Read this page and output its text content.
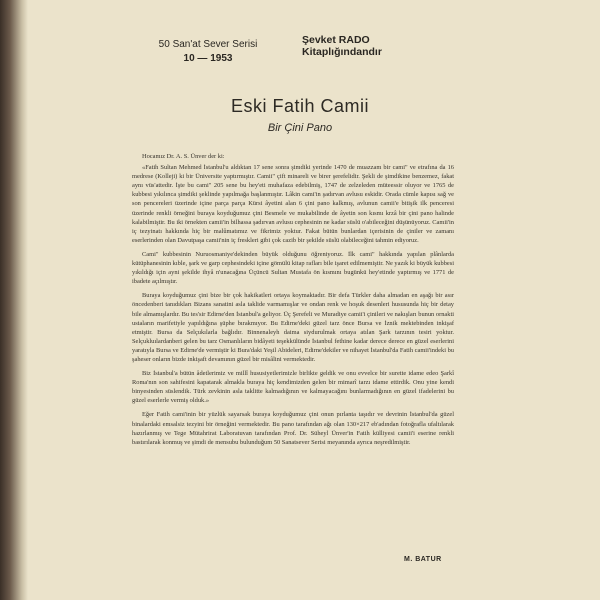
50 San'at Sever Serisi
10 — 1953
Şevket RADO
Kitaplığındandır
Eski Fatih Camii
Bir Çini Pano

Hocamız Dr. A. S. Ünver der ki:

«Fatih Sultan Mehmed İstanbul'u aldıktan 17 sene sonra şimdiki yerinde 1470 de muazzam bir cami" ve etrafına da 16 medrese (Kolleji) ki bir Üniversite yaptırmıştır. Camii" çift minareli ve birer şerefelidir. Şekli de şimdikine benzemez, fakat aynı vüs'attedir. İşte bu cami" 205 sene bu hey'eti muhafaza edebilmiş, 1747 de zelzeleden müteessir oluyor ve 1765 de kubbesi yıkılınca şimdiki şeklinde yapılmağa başlanmıştır. Lâkin cami'in şadırvan avlusu eskidir. Orada cümle kapısı sağ ve son pencereleri üzerinde içine parça parça Kürsi âyetini alan 6 çini pano kalkmış, avlunun camii'e bitişik ilk penceresi üzerinde renkli örneğini buraya koyduğumuz çini Besmele ve mukabilinde de âyetin son kısmı krzâ bir çini pano halinde kalabilmiştir. Bu iki örnekten camii'in bilhassa şadırvan avlusu cephesinin ne kadar süslü o'abileceğini düşünüyoruz. Camii'in iç tezyinatı hakkında hiç bir malûmatımız ve fikrimiz yoktur. Fakat bütün bunlardan içerisinin de çiniler ve zamanı eserlerinden olan Davutpaşa camii'nin iç freskleri gibi çok cazib bir şekilde süslü olabileceğini tahmin ediyoruz.

Cami" kubbesinin Nuruosmaniye'dekinden büyük olduğunu öğreniyoruz. İlk cami" hakkında yapılan plânlarda kütüphanesinin kıble, şark ve garp cephesindeki içine gömülü kitap rafları bile işaret edilmemiştir. Ne yazık ki büyük kubbesi yıkıldığı için ayni şekilde ihyâ n'unacağına Üçüncü Sultan Mustafa ön kısmını bugünkü hey'etinde yaptırmış ve 1771 de ibadete açılmıştır.

Buraya koyduğumuz çini bize bir çok hakikatleri ortaya koymaktadır. Bir defa Türkler daha almadan en aşağı bir asır öncedenberi tanıdıkları Bizans sanatini asla taklide varmamışlar ve ondan renk ve hoşuk desenleri hususunda hiç bir detay bile almamışlardır. Bu tes'sir Edirne'den İstanbul'a geliyor. Üç Şerefeli ve Muradiye camii'i çinileri ve nakışları bunun ornakti ustaların marifetiyle yapıldığına şüphe bırakmıyor. Bu Edirne'deki güzel tarz önce Bursa ve İznik mektebinden inkişaf etmiştir. Bursa da Selçukılarla bağlıdır. Binnenaleyh daima siydurulmak ortaya atılan Şark tarzının tesiri yoktur. Selçukluılardanberi gelen bu tarz Osmanlıların bidâyeti teşekkülünde İstanbul fethine kadar derece derece en güzel eserlerini yaratıyla Bursa ve Edirne'de vermiştir ki Bura'daki Yeşil Abideleri, Edirne'dekiler ve nihayet İstanbul'da Fatih camii'indeki bu şaheser onların bizde inkişaft devamının güzel bir misâlini vermektedir.

Biz İstanbul'a bütün âdetlerimiz ve millî hususiyetlerimizle birlikte geldik ve onu evvelce bir surette idame edeo Şarkî Roma'nın son sahifesini kapatarak almakla buraya hiç kendimizden gelen bir mimarî tarzı idame ettirdik. Onu yine kendi binyesinden süslendik. Türk zevkinin asla taklitte kalmadığının ve kalmayacağını bunlarmadığının en güzel ifadelerini bu güzel eserlerle vermiş olduk.»

Eğer Fatih cami'inin bir yüzlük sayarsak buraya koyduğumuz çini onun pırlanta taşıdır ve devrinin İstanbul'da güzel binalardaki emsalsiz tezyini bir örneğini vermektedir. Bu pano tarafından ağı olan 130×217 eb'adından fotoğrafla ufaltılarak hazırlanmış ve Tege Mütahrirat Laboratuvan tarafından Prof. Dr. Süheyl Ünver'in Fatih külliyesi camii'i eserine renkli bastırılarak konmuş ve şimdi de mensubu bulunduğum 50 Sanatsever Serisi meyanında ayrıca neşredilmiştir.

M. BATUR
